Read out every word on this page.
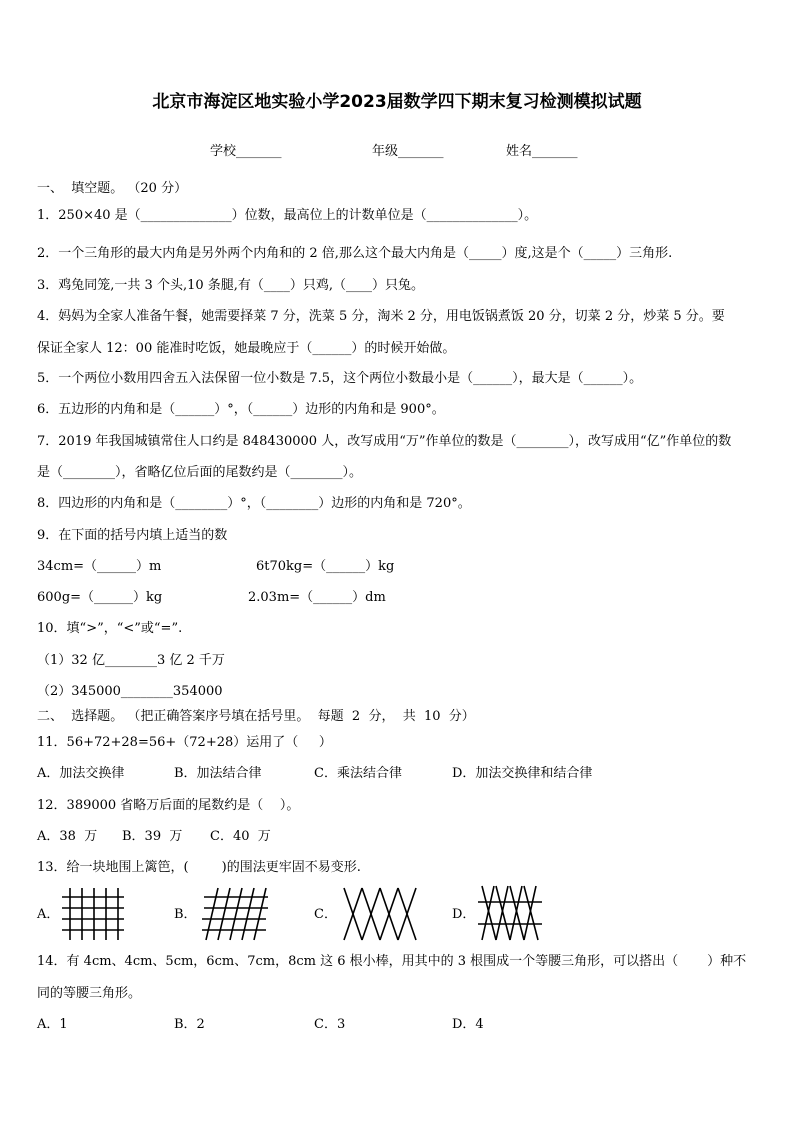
北京市海淀区地实验小学2023届数学四下期末复习检测模拟试题
学校_______	年级_______	姓名_______
一、  填空题。 （20 分）
1．250×40 是（______________）位数，最高位上的计数单位是（______________）。
2．一个三角形的最大内角是另外两个内角和的 2 倍,那么这个最大内角是（_____）度,这是个（_____）三角形.
3．鸡兔同笼,一共 3 个头,10 条腿,有（____）只鸡,（____）只兔。
4．妈妈为全家人准备午餐，她需要择菜 7 分，洗菜 5 分，淘米 2 分，用电饭锅煮饭 20 分，切菜 2 分，炒菜 5 分。要
保证全家人 12：00 能准时吃饭，她最晚应于（______）的时候开始做。
5．一个两位小数用四舍五入法保留一位小数是 7.5，这个两位小数最小是（______），最大是（______）。
6．五边形的内角和是（______）°，（______）边形的内角和是 900°。
7．2019 年我国城镇常住人口约是 848430000 人，改写成用“万”作单位的数是（________），改写成用“亿”作单位的数
是（________），省略亿位后面的尾数约是（________）。
8．四边形的内角和是（________）°，（________）边形的内角和是 720°。
9．在下面的括号内填上适当的数
34cm=（______）m	6t70kg=（______）kg
600g=（______）kg	2.03m=（______）dm
10．填“>”，“<”或“=”.
（1）32 亿________3 亿 2 千万
（2）345000________354000
二、  选择题。 （把正确答案序号填在括号里。  每题  2  分，  共  10  分）
11．56+72+28=56+（72+28）运用了（     ）
A．加法交换律	B．加法结合律	C．乘法结合律	D．加法交换律和结合律
12．389000 省略万后面的尾数约是（    ）。
A．38  万 B．39  万 C．40  万
13．给一块地围上篱笆，(        )的围法更牢固不易变形.
A．	B．	C．	D．
14．有 4cm、4cm、5cm，6cm、7cm，8cm 这 6 根小棒，用其中的 3 根围成一个等腰三角形，可以搭出（       ）种不
同的等腰三角形。
A．1	B．2	C．3	D．4
